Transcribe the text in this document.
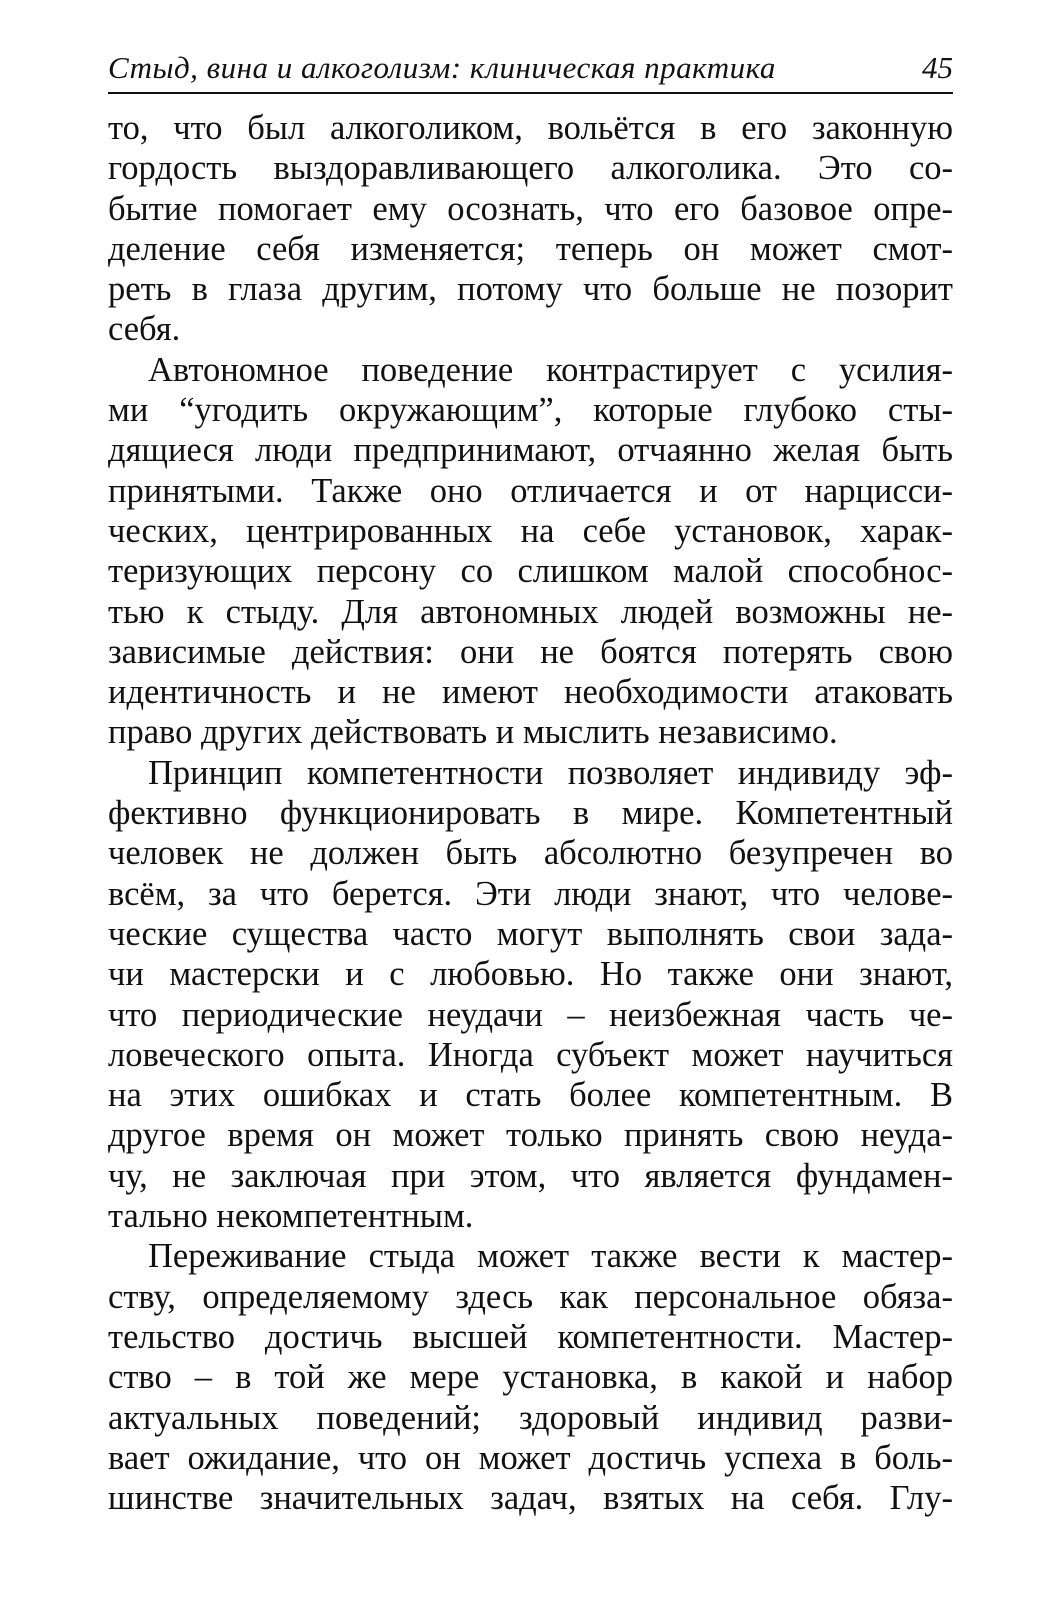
Стыд, вина и алкоголизм: клиническая практика	45
то, что был алкоголиком, вольётся в его законную
гордость выздоравливающего алкоголика. Это со-
бытие помогает ему осознать, что его базовое опре-
деление себя изменяется; теперь он может смот-
реть в глаза другим, потому что больше не позорит
себя.
Автономное поведение контрастирует с усилия-
ми “угодить окружающим”, которые глубоко сты-
дящиеся люди предпринимают, отчаянно желая быть
принятыми. Также оно отличается и от нарцисси-
ческих, центрированных на себе установок, харак-
теризующих персону со слишком малой способнос-
тью к стыду. Для автономных людей возможны не-
зависимые действия: они не боятся потерять свою
идентичность и не имеют необходимости атаковать
право других действовать и мыслить независимо.
Принцип компетентности позволяет индивиду эф-
фективно функционировать в мире. Компетентный
человек не должен быть абсолютно безупречен во
всём, за что берется. Эти люди знают, что челове-
ческие существа часто могут выполнять свои зада-
чи мастерски и с любовью. Но также они знают,
что периодические неудачи – неизбежная часть че-
ловеческого опыта. Иногда субъект может научиться
на этих ошибках и стать более компетентным. В
другое время он может только принять свою неуда-
чу, не заключая при этом, что является фундамен-
тально некомпетентным.
Переживание стыда может также вести к мастер-
ству, определяемому здесь как персональное обяза-
тельство достичь высшей компетентности. Мастер-
ство – в той же мере установка, в какой и набор
актуальных поведений; здоровый индивид разви-
вает ожидание, что он может достичь успеха в боль-
шинстве значительных задач, взятых на себя. Глу-
